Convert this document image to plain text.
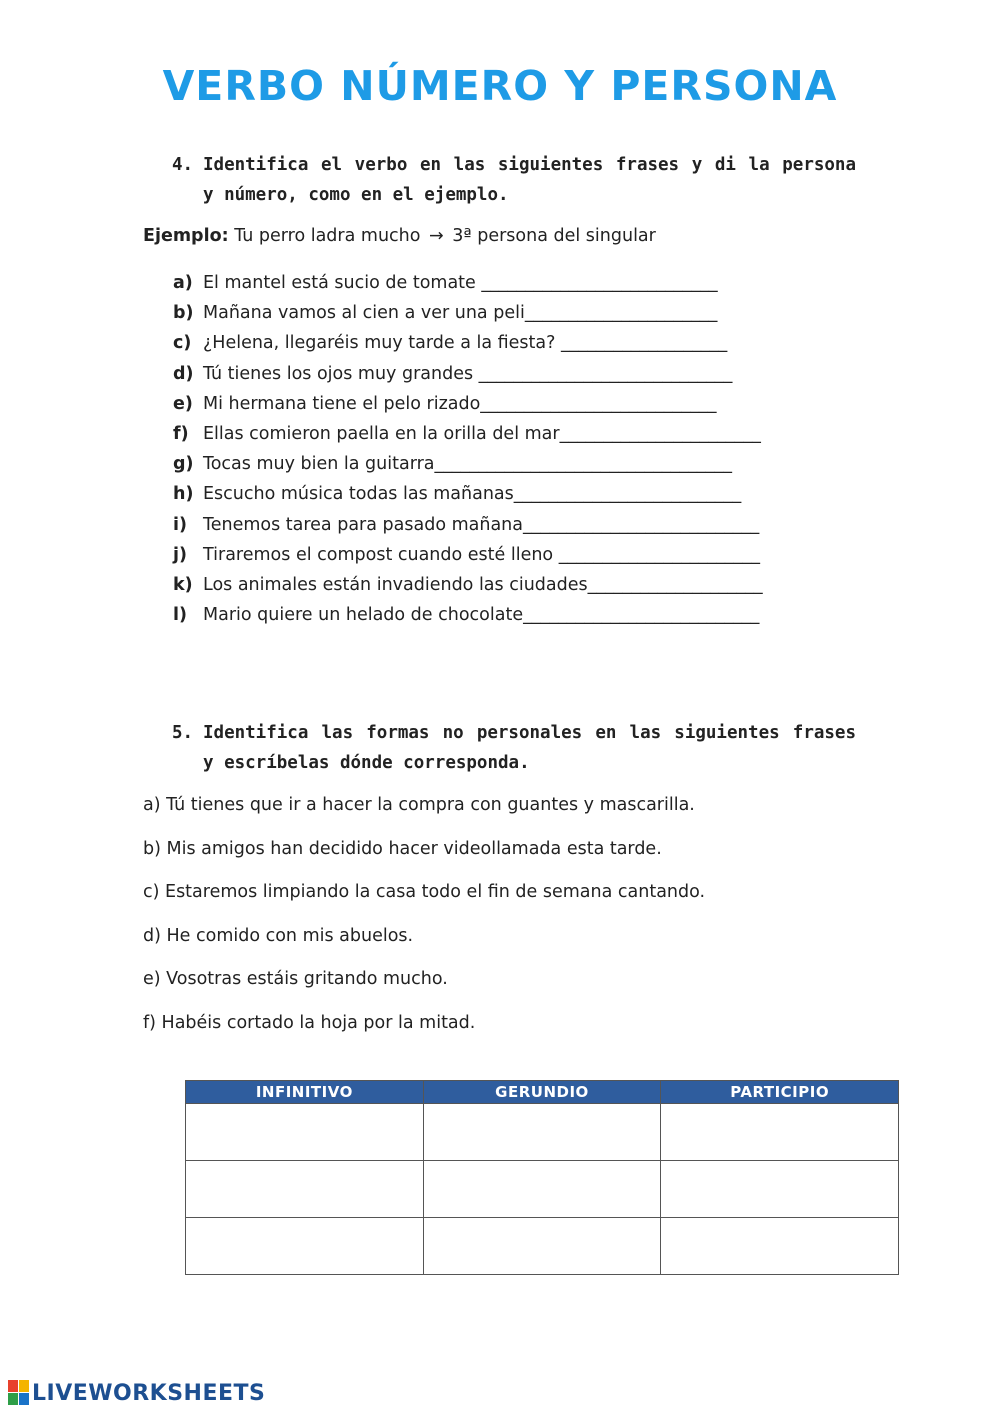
VERBO NÚMERO Y PERSONA
4. Identifica el verbo en las siguientes frases y di la persona y número, como en el ejemplo.
Ejemplo: Tu perro ladra mucho → 3ª persona del singular
a) El mantel está sucio de tomate ___________________________
b) Mañana vamos al cien a ver una peli______________________
c) ¿Helena, llegaréis muy tarde a la fiesta? ___________________
d) Tú tienes los ojos muy grandes _____________________________
e) Mi hermana tiene el pelo rizado___________________________
f) Ellas comieron paella en la orilla del mar_______________________
g) Tocas muy bien la guitarra__________________________________
h) Escucho música todas las mañanas__________________________
i) Tenemos tarea para pasado mañana___________________________
j) Tiraremos el compost cuando esté lleno _______________________
k) Los animales están invadiendo las ciudades____________________
l) Mario quiere un helado de chocolate___________________________
5. Identifica las formas no personales en las siguientes frases y escríbelas dónde corresponda.
a) Tú tienes que ir a hacer la compra con guantes y mascarilla.
b) Mis amigos han decidido hacer videollamada esta tarde.
c) Estaremos limpiando la casa todo el fin de semana cantando.
d) He comido con mis abuelos.
e) Vosotras estáis gritando mucho.
f) Habéis cortado la hoja por la mitad.
INFINITIVO	GERUNDIO	PARTICIPIO

LIVEWORKSHEETS
